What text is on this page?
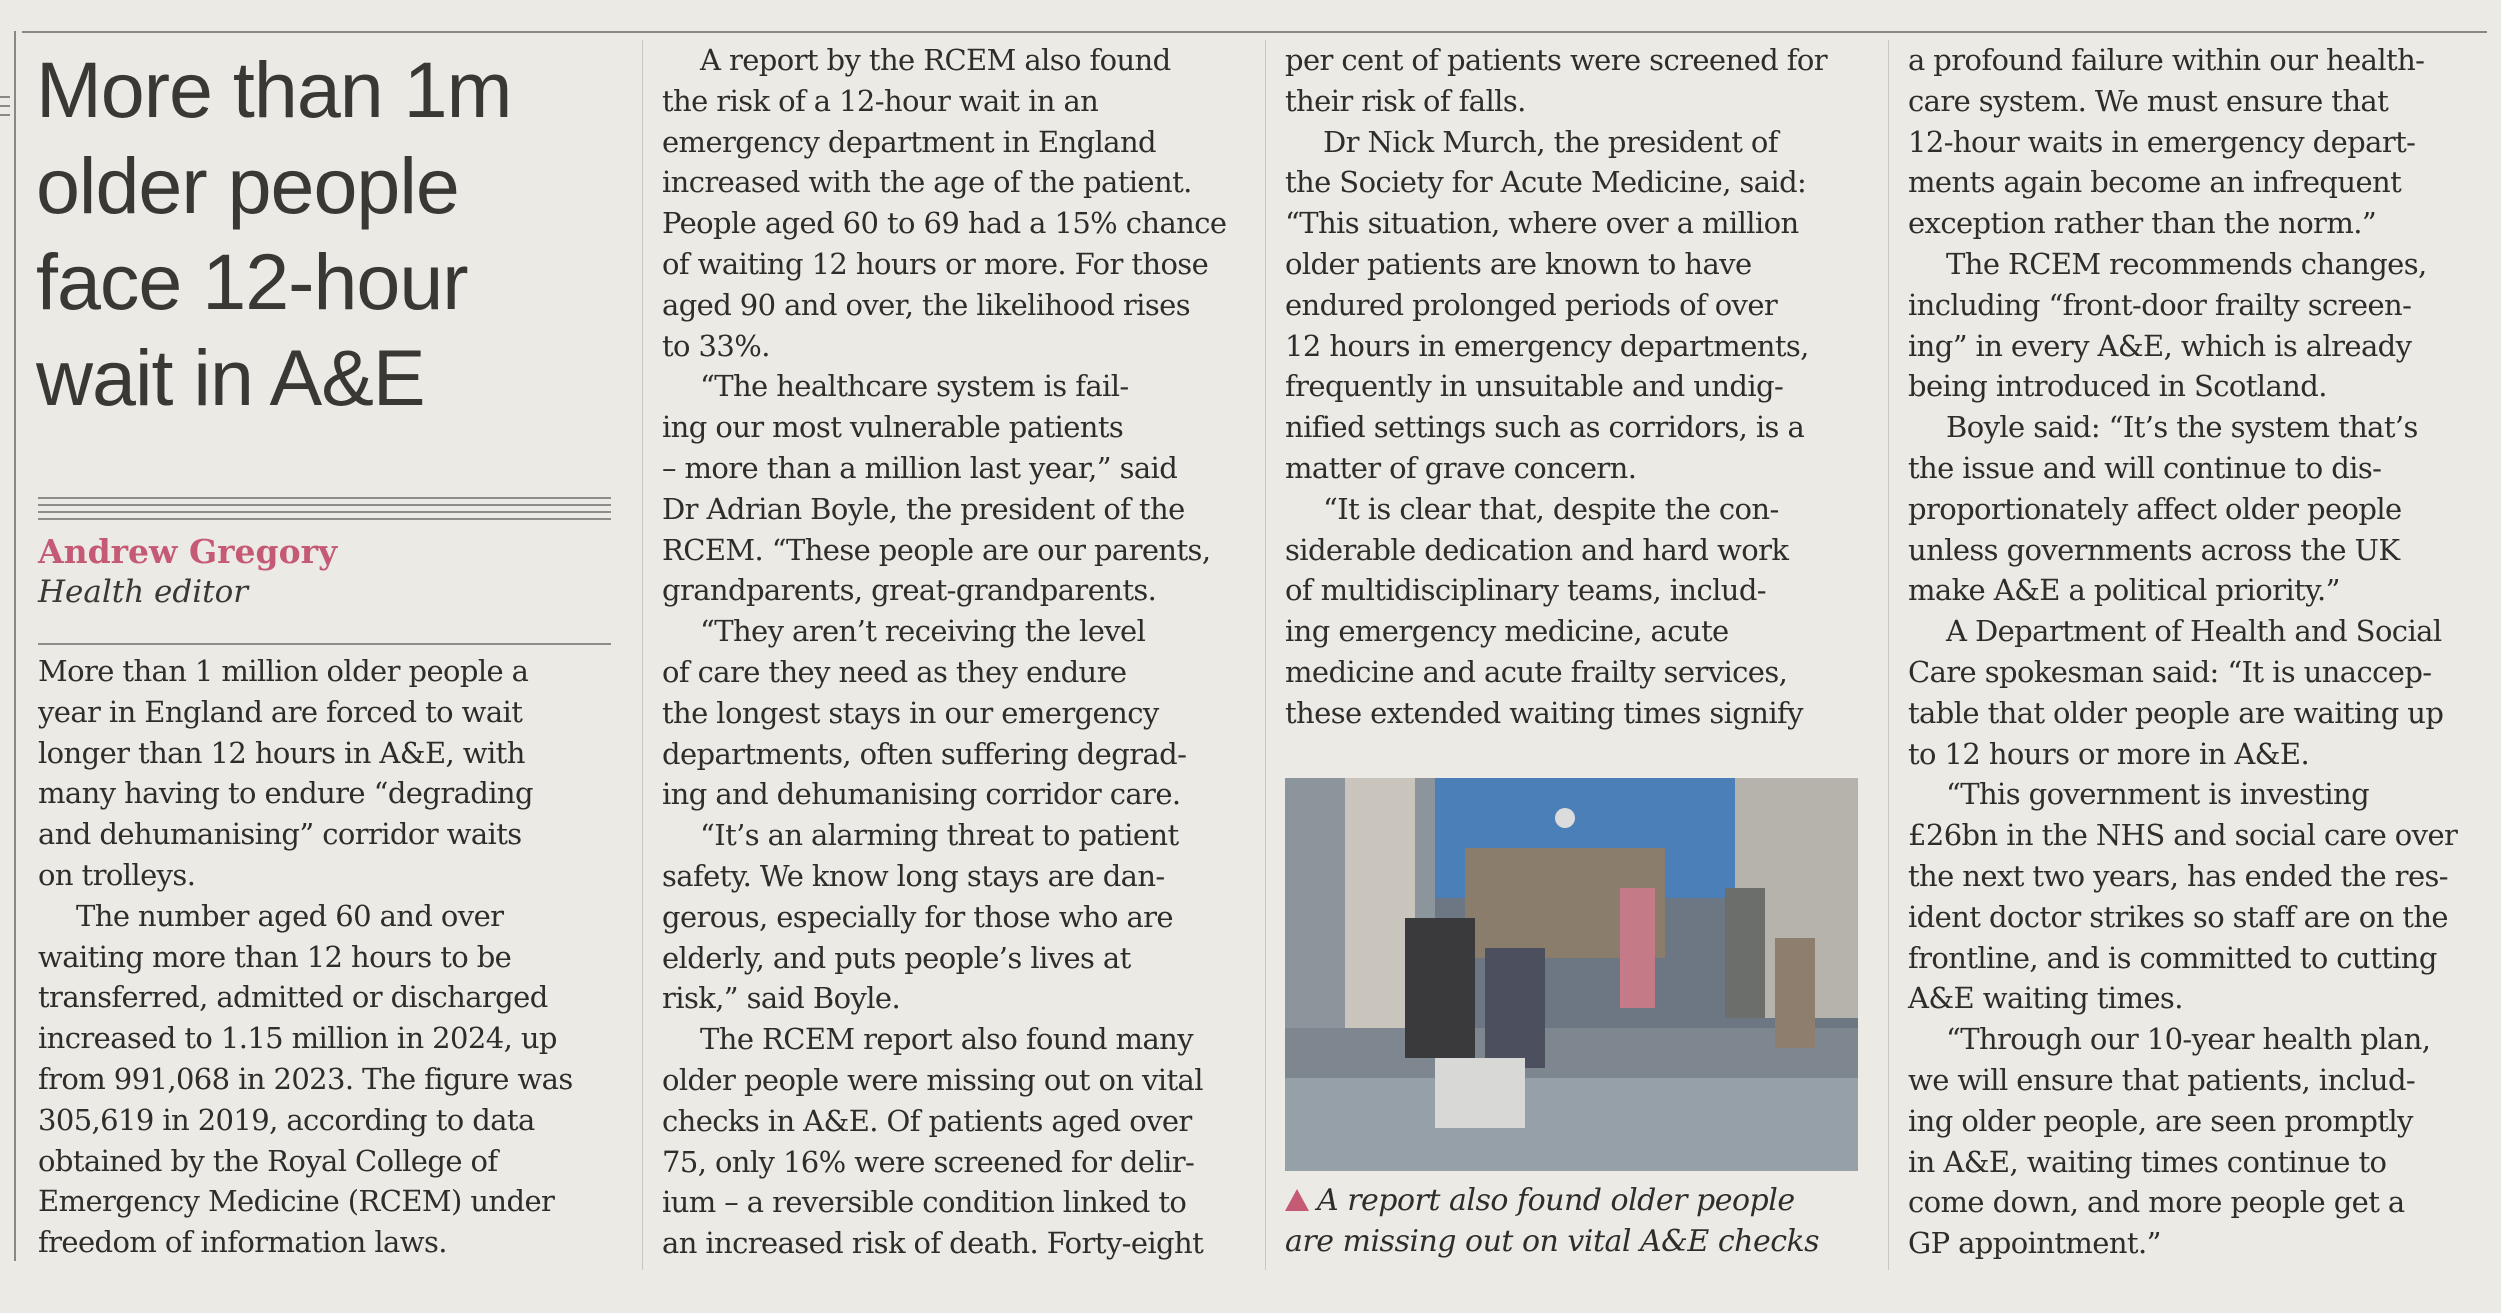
More than 1m
older people
face 12-hour
wait in A&E
Andrew Gregory
Health editor
More than 1 million older people a
year in England are forced to wait
longer than 12 hours in A&E, with
many having to endure “degrading
and dehumanising” corridor waits
on trolleys.
The number aged 60 and over
waiting more than 12 hours to be
transferred, admitted or discharged
increased to 1.15 million in 2024, up
from 991,068 in 2023. The figure was
305,619 in 2019, according to data
obtained by the Royal College of
Emergency Medicine (RCEM) under
freedom of information laws.
A report by the RCEM also found
the risk of a 12-hour wait in an
emergency department in England
increased with the age of the patient.
People aged 60 to 69 had a 15% chance
of waiting 12 hours or more. For those
aged 90 and over, the likelihood rises
to 33%.
“The healthcare system is fail-
ing our most vulnerable patients
– more than a million last year,” said
Dr Adrian Boyle, the president of the
RCEM. “These people are our parents,
grandparents, great-grandparents.
“They aren’t receiving the level
of care they need as they endure
the longest stays in our emergency
departments, often suffering degrad-
ing and dehumanising corridor care.
“It’s an alarming threat to patient
safety. We know long stays are dan-
gerous, especially for those who are
elderly, and puts people’s lives at
risk,” said Boyle.
The RCEM report also found many
older people were missing out on vital
checks in A&E. Of patients aged over
75, only 16% were screened for delir-
ium – a reversible condition linked to
an increased risk of death. Forty-eight
per cent of patients were screened for
their risk of falls.
Dr Nick Murch, the president of
the Society for Acute Medicine, said:
“This situation, where over a million
older patients are known to have
endured prolonged periods of over
12 hours in emergency departments,
frequently in unsuitable and undig-
nified settings such as corridors, is a
matter of grave concern.
“It is clear that, despite the con-
siderable dedication and hard work
of multidisciplinary teams, includ-
ing emergency medicine, acute
medicine and acute frailty services,
these extended waiting times signify
a profound failure within our health-
care system. We must ensure that
12-hour waits in emergency depart-
ments again become an infrequent
exception rather than the norm.”
The RCEM recommends changes,
including “front-door frailty screen-
ing” in every A&E, which is already
being introduced in Scotland.
Boyle said: “It’s the system that’s
the issue and will continue to dis-
proportionately affect older people
unless governments across the UK
make A&E a political priority.”
A Department of Health and Social
Care spokesman said: “It is unaccep-
table that older people are waiting up
to 12 hours or more in A&E.
“This government is investing
£26bn in the NHS and social care over
the next two years, has ended the res-
ident doctor strikes so staff are on the
frontline, and is committed to cutting
A&E waiting times.
“Through our 10-year health plan,
we will ensure that patients, includ-
ing older people, are seen promptly
in A&E, waiting times continue to
come down, and more people get a
GP appointment.”
A report also found older people
are missing out on vital A&E checks
